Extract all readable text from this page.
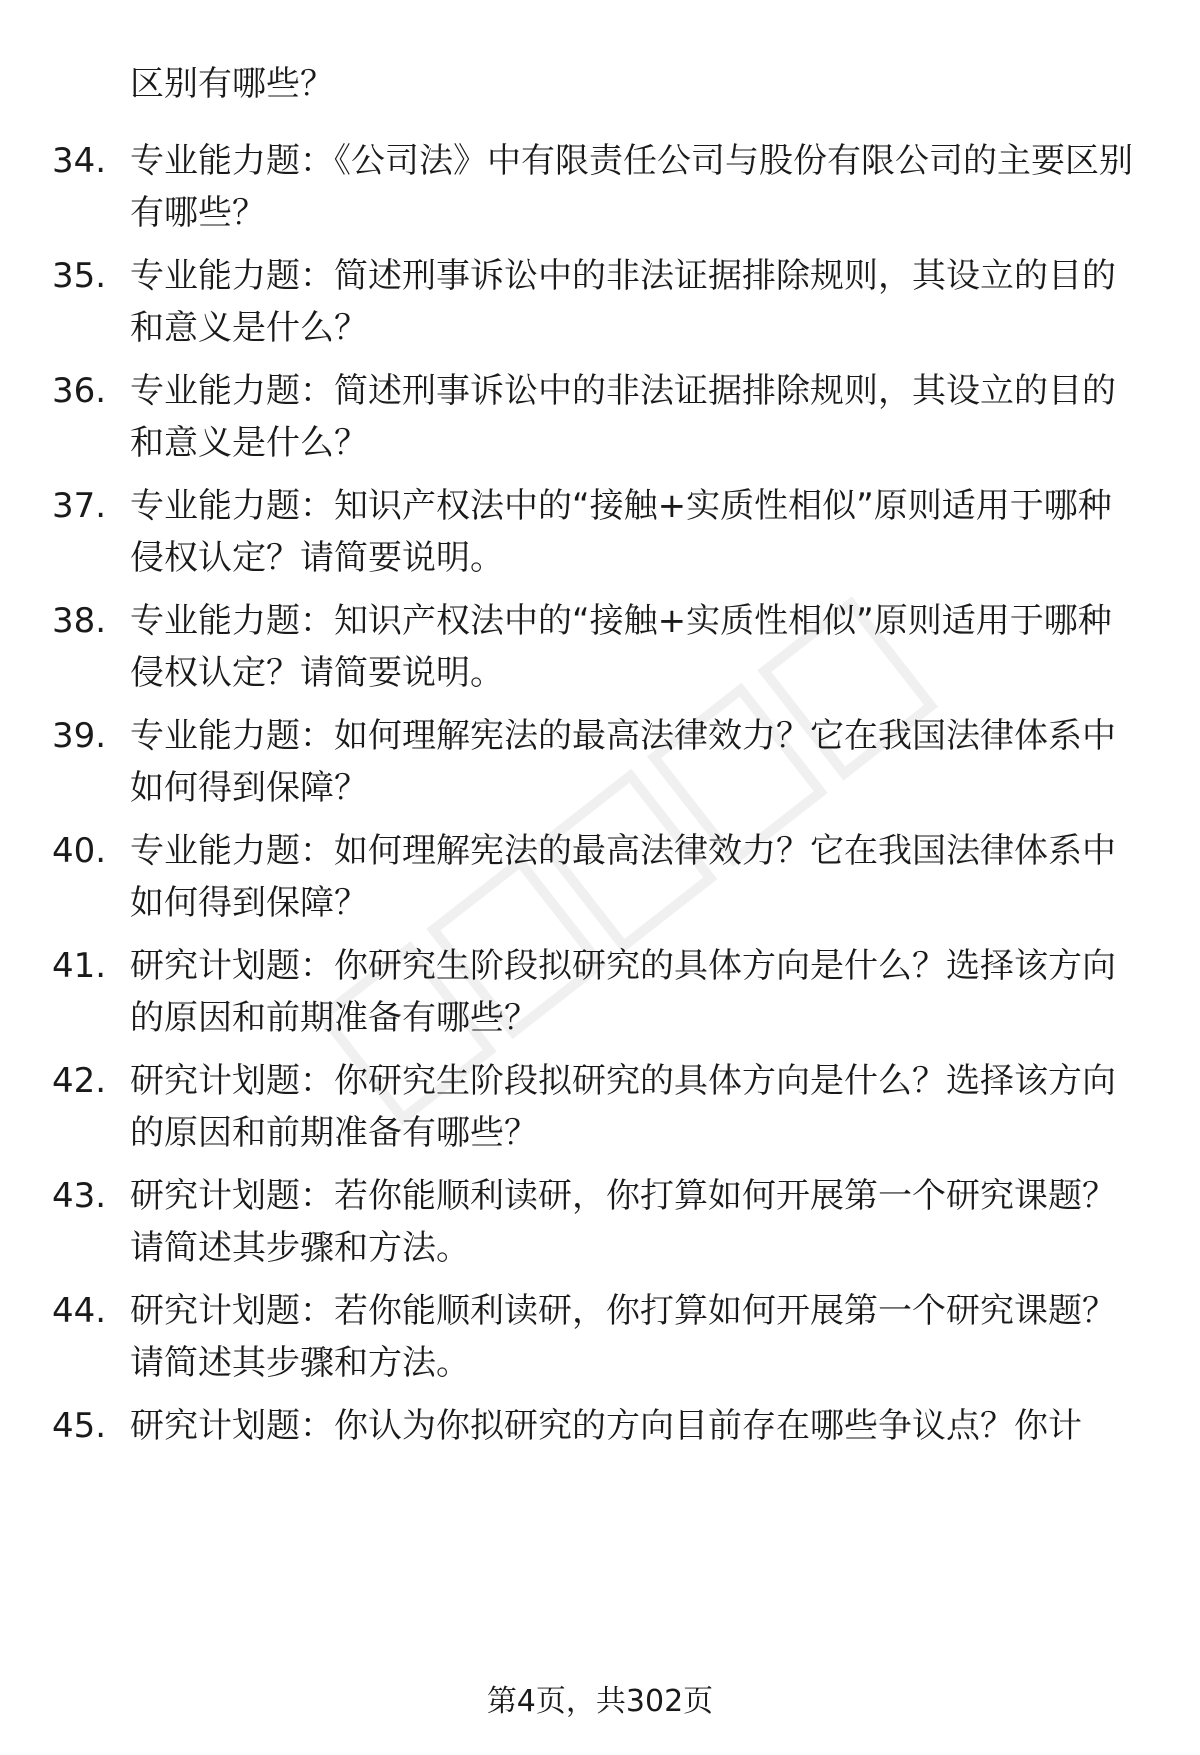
区别有哪些？
34. 专业能力题：《公司法》中有限责任公司与股份有限公司的主要区别有哪些？
35. 专业能力题：简述刑事诉讼中的非法证据排除规则，其设立的目的和意义是什么？
36. 专业能力题：简述刑事诉讼中的非法证据排除规则，其设立的目的和意义是什么？
37. 专业能力题：知识产权法中的“接触+实质性相似”原则适用于哪种侵权认定？请简要说明。
38. 专业能力题：知识产权法中的“接触+实质性相似”原则适用于哪种侵权认定？请简要说明。
39. 专业能力题：如何理解宪法的最高法律效力？它在我国法律体系中如何得到保障？
40. 专业能力题：如何理解宪法的最高法律效力？它在我国法律体系中如何得到保障？
41. 研究计划题：你研究生阶段拟研究的具体方向是什么？选择该方向的原因和前期准备有哪些？
42. 研究计划题：你研究生阶段拟研究的具体方向是什么？选择该方向的原因和前期准备有哪些？
43. 研究计划题：若你能顺利读研，你打算如何开展第一个研究课题？请简述其步骤和方法。
44. 研究计划题：若你能顺利读研，你打算如何开展第一个研究课题？请简述其步骤和方法。
45. 研究计划题：你认为你拟研究的方向目前存在哪些争议点？你计
第4页，共302页
